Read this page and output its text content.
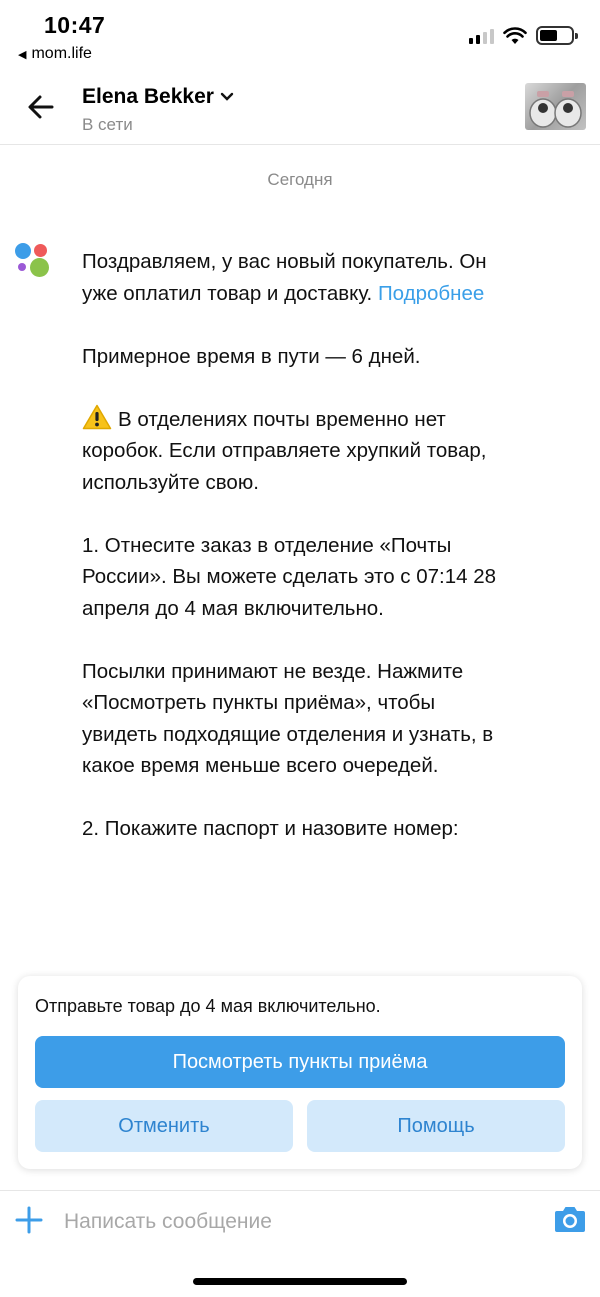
10:47
◀ mom.life
Elena Bekker
В сети
Сегодня

Поздравляем, у вас новый покупатель. Он уже оплатил товар и доставку. Подробнее

Примерное время в пути — 6 дней.

В отделениях почты временно нет коробок. Если отправляете хрупкий товар, используйте свою.

1. Отнесите заказ в отделение «Почты России». Вы можете сделать это с 07:14 28 апреля до 4 мая включительно.

Посылки принимают не везде. Нажмите «Посмотреть пункты приёма», чтобы увидеть подходящие отделения и узнать, в какое время меньше всего очередей.

2. Покажите паспорт и назовите номер:

Отправьте товар до 4 мая включительно.
Посмотреть пункты приёма
Отменить	Помощь
Написать сообщение
